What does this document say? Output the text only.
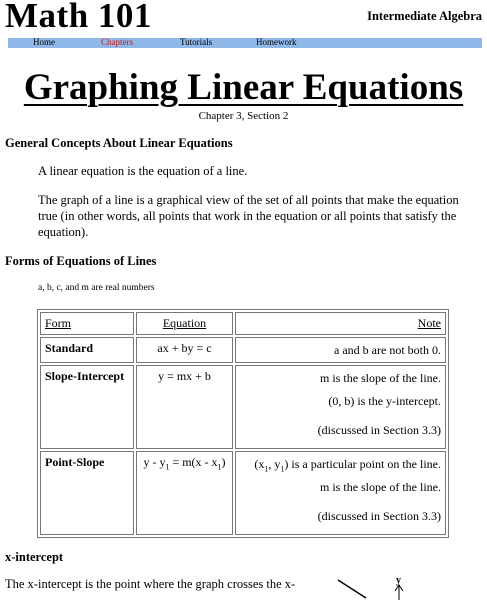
Math 101	Intermediate Algebra
Home	Chapters	Tutorials	Homework
Graphing Linear Equations
Chapter 3, Section 2
General Concepts About Linear Equations
A linear equation is the equation of a line.
The graph of a line is a graphical view of the set of all points that make the equation true (in other words, all points that work in the equation or all points that satisfy the equation).
Forms of Equations of Lines
a, b, c, and m are real numbers
Form	Equation	Note
Standard	ax + by = c	a and b are not both 0.

Slope-Intercept	y = mx + b	m is the slope of the line.
(0, b) is the y-intercept.
(discussed in Section 3.3)

Point-Slope	$y - y_1 = m(x - x_1)$	($x_1$, $y_1$) is a particular point on the line.
m is the slope of the line.
(discussed in Section 3.3)
x-intercept
The x-intercept is the point where the graph crosses the x-	y
